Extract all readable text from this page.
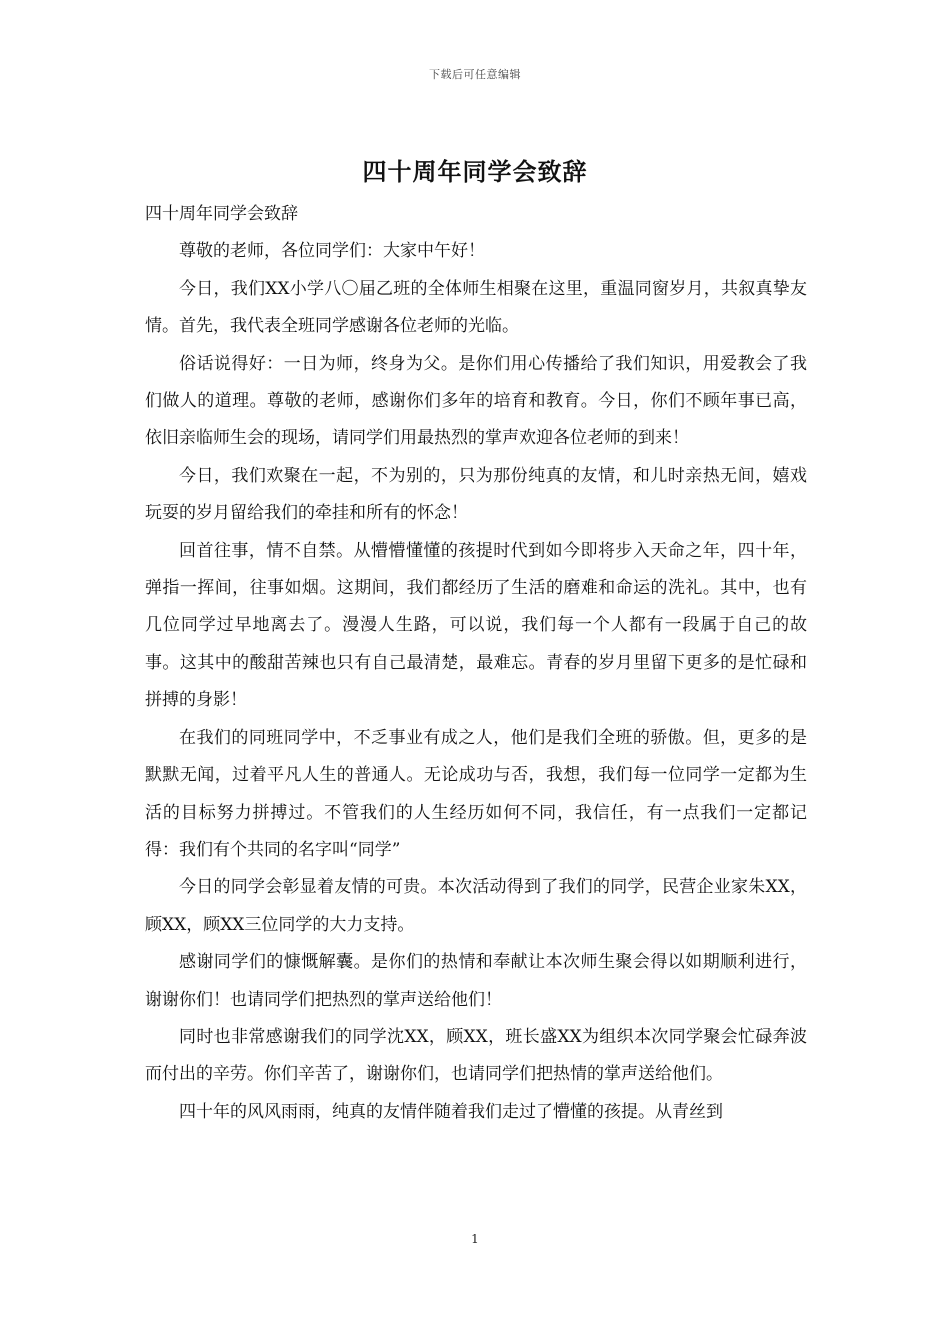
下载后可任意编辑
四十周年同学会致辞

四十周年同学会致辞

尊敬的老师，各位同学们：大家中午好！

今日，我们XX小学八〇届乙班的全体师生相聚在这里，重温同窗岁月，共叙真挚友情。首先，我代表全班同学感谢各位老师的光临。

俗话说得好：一日为师，终身为父。是你们用心传播给了我们知识，用爱教会了我们做人的道理。尊敬的老师，感谢你们多年的培育和教育。今日，你们不顾年事已高，依旧亲临师生会的现场，请同学们用最热烈的掌声欢迎各位老师的到来！

今日，我们欢聚在一起，不为别的，只为那份纯真的友情，和儿时亲热无间，嬉戏玩耍的岁月留给我们的牵挂和所有的怀念！

回首往事，情不自禁。从懵懵懂懂的孩提时代到如今即将步入天命之年，四十年，弹指一挥间，往事如烟。这期间，我们都经历了生活的磨难和命运的洗礼。其中，也有几位同学过早地离去了。漫漫人生路，可以说，我们每一个人都有一段属于自己的故事。这其中的酸甜苦辣也只有自己最清楚，最难忘。青春的岁月里留下更多的是忙碌和拼搏的身影！

在我们的同班同学中，不乏事业有成之人，他们是我们全班的骄傲。但，更多的是默默无闻，过着平凡人生的普通人。无论成功与否，我想，我们每一位同学一定都为生活的目标努力拼搏过。不管我们的人生经历如何不同，我信任，有一点我们一定都记得：我们有个共同的名字叫“同学”

今日的同学会彰显着友情的可贵。本次活动得到了我们的同学，民营企业家朱XX，顾XX，顾XX三位同学的大力支持。

感谢同学们的慷慨解囊。是你们的热情和奉献让本次师生聚会得以如期顺利进行，谢谢你们！也请同学们把热烈的掌声送给他们！

同时也非常感谢我们的同学沈XX，顾XX，班长盛XX为组织本次同学聚会忙碌奔波而付出的辛劳。你们辛苦了，谢谢你们，也请同学们把热情的掌声送给他们。

四十年的风风雨雨，纯真的友情伴随着我们走过了懵懂的孩提。从青丝到

1
